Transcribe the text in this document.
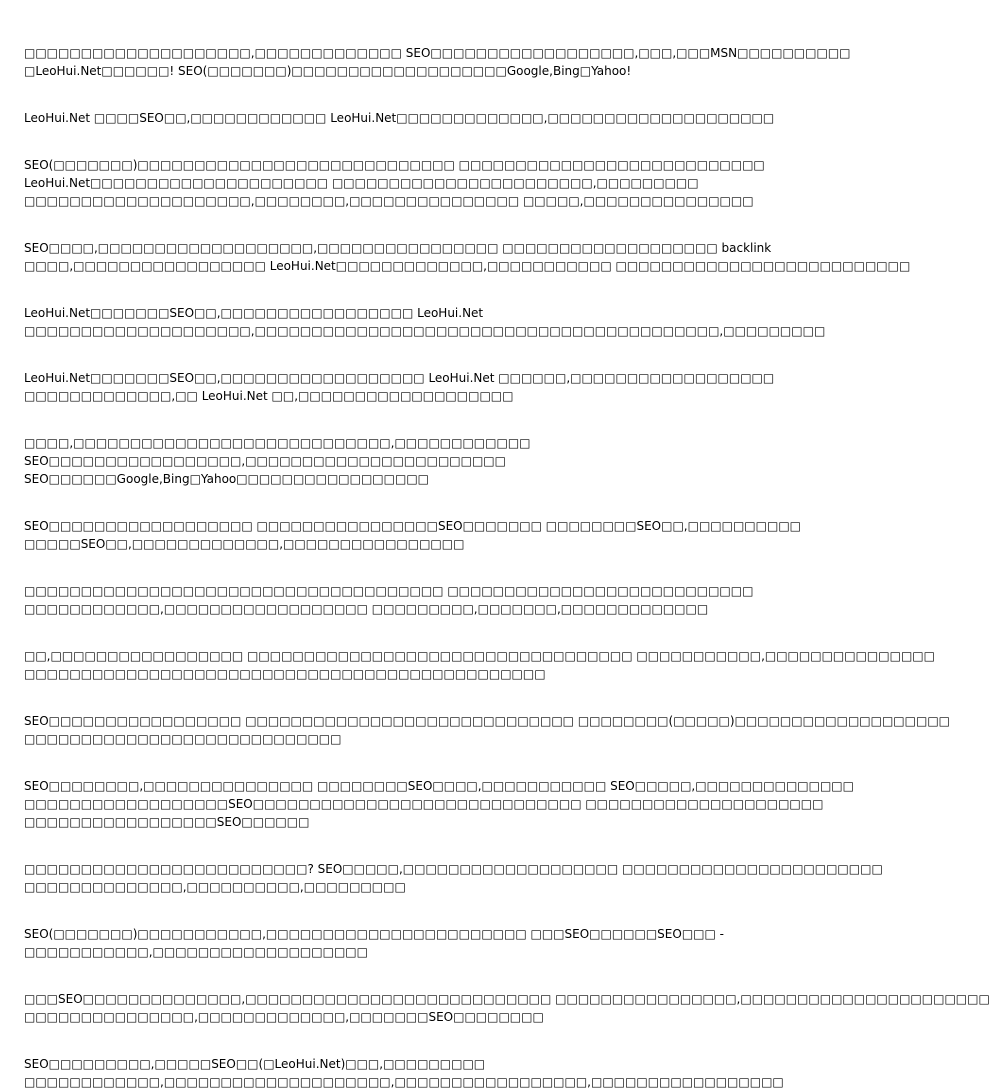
□□□□□□□□□□□□□□□□□□□□,□□□□□□□□□□□□□ SEO□□□□□□□□□□□□□□□□□□,□□□,□□□MSN□□□□□□□□□□
□LeoHui.Net□□□□□□! SEO(□□□□□□□)□□□□□□□□□□□□□□□□□□□Google,Bing□Yahoo!

LeoHui.Net □□□□SEO□□,□□□□□□□□□□□□ LeoHui.Net□□□□□□□□□□□□□,□□□□□□□□□□□□□□□□□□□□

SEO(□□□□□□□)□□□□□□□□□□□□□□□□□□□□□□□□□□□□ □□□□□□□□□□□□□□□□□□□□□□□□□□□
LeoHui.Net□□□□□□□□□□□□□□□□□□□□□ □□□□□□□□□□□□□□□□□□□□□□□,□□□□□□□□□
□□□□□□□□□□□□□□□□□□□□,□□□□□□□□,□□□□□□□□□□□□□□□ □□□□□,□□□□□□□□□□□□□□□

SEO□□□□,□□□□□□□□□□□□□□□□□□□,□□□□□□□□□□□□□□□□ □□□□□□□□□□□□□□□□□□□ backlink
□□□□,□□□□□□□□□□□□□□□□□ LeoHui.Net□□□□□□□□□□□□□,□□□□□□□□□□□ □□□□□□□□□□□□□□□□□□□□□□□□□□

LeoHui.Net□□□□□□□SEO□□,□□□□□□□□□□□□□□□□□ LeoHui.Net
□□□□□□□□□□□□□□□□□□□□,□□□□□□□□□□□□□□□□□□□□□□□□□□□□□□□□□□□□□□□□□,□□□□□□□□□

LeoHui.Net□□□□□□□SEO□□,□□□□□□□□□□□□□□□□□□ LeoHui.Net □□□□□□,□□□□□□□□□□□□□□□□□□
□□□□□□□□□□□□□,□□ LeoHui.Net □□,□□□□□□□□□□□□□□□□□□□

□□□□,□□□□□□□□□□□□□□□□□□□□□□□□□□□□,□□□□□□□□□□□□
SEO□□□□□□□□□□□□□□□□□,□□□□□□□□□□□□□□□□□□□□□□□
SEO□□□□□□Google,Bing□Yahoo□□□□□□□□□□□□□□□□□

SEO□□□□□□□□□□□□□□□□□□ □□□□□□□□□□□□□□□□SEO□□□□□□□ □□□□□□□□SEO□□,□□□□□□□□□□
□□□□□SEO□□,□□□□□□□□□□□□□,□□□□□□□□□□□□□□□□

□□□□□□□□□□□□□□□□□□□□□□□□□□□□□□□□□□□□□ □□□□□□□□□□□□□□□□□□□□□□□□□□□
□□□□□□□□□□□□,□□□□□□□□□□□□□□□□□□ □□□□□□□□□,□□□□□□□,□□□□□□□□□□□□□

□□,□□□□□□□□□□□□□□□□□ □□□□□□□□□□□□□□□□□□□□□□□□□□□□□□□□□□ □□□□□□□□□□□,□□□□□□□□□□□□□□□
□□□□□□□□□□□□□□□□□□□□□□□□□□□□□□□□□□□□□□□□□□□□□□

SEO□□□□□□□□□□□□□□□□□ □□□□□□□□□□□□□□□□□□□□□□□□□□□□□ □□□□□□□□(□□□□□)□□□□□□□□□□□□□□□□□□□
□□□□□□□□□□□□□□□□□□□□□□□□□□□□

SEO□□□□□□□□,□□□□□□□□□□□□□□□ □□□□□□□□SEO□□□□,□□□□□□□□□□□ SEO□□□□□,□□□□□□□□□□□□□□
□□□□□□□□□□□□□□□□□□SEO□□□□□□□□□□□□□□□□□□□□□□□□□□□□□ □□□□□□□□□□□□□□□□□□□□□
□□□□□□□□□□□□□□□□□SEO□□□□□□

□□□□□□□□□□□□□□□□□□□□□□□□□? SEO□□□□□,□□□□□□□□□□□□□□□□□□□ □□□□□□□□□□□□□□□□□□□□□□□
□□□□□□□□□□□□□□,□□□□□□□□□□,□□□□□□□□□

SEO(□□□□□□□)□□□□□□□□□□□,□□□□□□□□□□□□□□□□□□□□□□□ □□□SEO□□□□□□SEO□□□ -
□□□□□□□□□□□,□□□□□□□□□□□□□□□□□□□

□□□SEO□□□□□□□□□□□□□□,□□□□□□□□□□□□□□□□□□□□□□□□□□□ □□□□□□□□□□□□□□□□,□□□□□□□□□□□□□□□□□□□□□□
□□□□□□□□□□□□□□□,□□□□□□□□□□□□□,□□□□□□□SEO□□□□□□□□

SEO□□□□□□□□□,□□□□□SEO□□(□LeoHui.Net)□□□,□□□□□□□□□
□□□□□□□□□□□□,□□□□□□□□□□□□□□□□□□□□,□□□□□□□□□□□□□□□□□,□□□□□□□□□□□□□□□□□
